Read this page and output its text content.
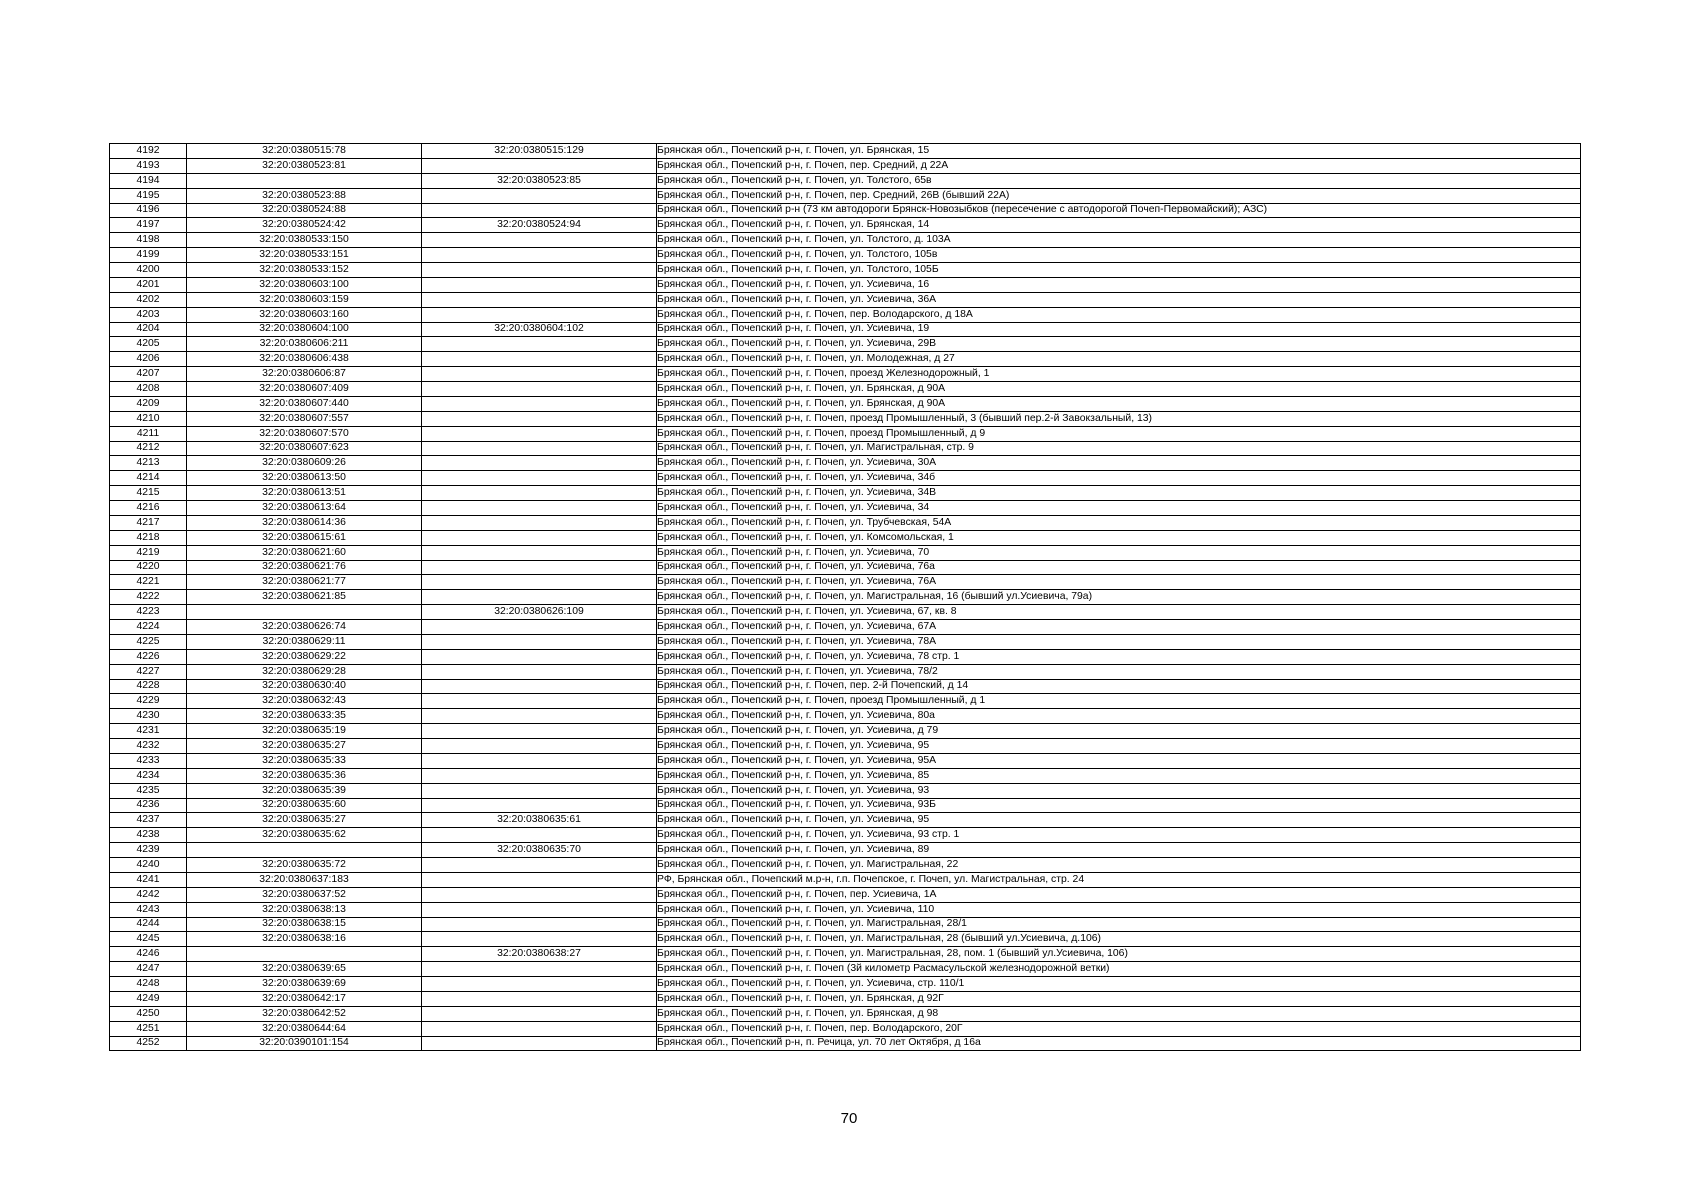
4192	32:20:0380515:78	32:20:0380515:129	Брянская обл., Почепский р-н, г. Почеп, ул. Брянская, 15
4193	32:20:0380523:81		Брянская обл., Почепский р-н, г. Почеп, пер. Средний, д 22А
4194		32:20:0380523:85	Брянская обл., Почепский р-н, г. Почеп, ул. Толстого, 65в
4195	32:20:0380523:88		Брянская обл., Почепский р-н, г. Почеп, пер. Средний, 26В (бывший 22А)
4196	32:20:0380524:88		Брянская обл., Почепский р-н (73 км автодороги Брянск-Новозыбков (пересечение с автодорогой Почеп-Первомайский); АЗС)
4197	32:20:0380524:42	32:20:0380524:94	Брянская обл., Почепский р-н, г. Почеп, ул. Брянская, 14
4198	32:20:0380533:150		Брянская обл., Почепский р-н, г. Почеп, ул. Толстого, д. 103А
4199	32:20:0380533:151		Брянская обл., Почепский р-н, г. Почеп, ул. Толстого, 105в
4200	32:20:0380533:152		Брянская обл., Почепский р-н, г. Почеп, ул. Толстого, 105Б
4201	32:20:0380603:100		Брянская обл., Почепский р-н, г. Почеп, ул. Усиевича, 16
4202	32:20:0380603:159		Брянская обл., Почепский р-н, г. Почеп, ул. Усиевича, 36А
4203	32:20:0380603:160		Брянская обл., Почепский р-н, г. Почеп, пер. Володарского, д 18А
4204	32:20:0380604:100	32:20:0380604:102	Брянская обл., Почепский р-н, г. Почеп, ул. Усиевича, 19
4205	32:20:0380606:211		Брянская обл., Почепский р-н, г. Почеп, ул. Усиевича, 29В
4206	32:20:0380606:438		Брянская обл., Почепский р-н, г. Почеп, ул. Молодежная, д 27
4207	32:20:0380606:87		Брянская обл., Почепский р-н, г. Почеп, проезд Железнодорожный, 1
4208	32:20:0380607:409		Брянская обл., Почепский р-н, г. Почеп, ул. Брянская, д 90А
4209	32:20:0380607:440		Брянская обл., Почепский р-н, г. Почеп, ул. Брянская, д 90А
4210	32:20:0380607:557		Брянская обл., Почепский р-н, г. Почеп, проезд Промышленный, 3 (бывший пер.2-й Завокзальный, 13)
4211	32:20:0380607:570		Брянская обл., Почепский р-н, г. Почеп, проезд Промышленный, д 9
4212	32:20:0380607:623		Брянская обл., Почепский р-н, г. Почеп, ул. Магистральная, стр. 9
4213	32:20:0380609:26		Брянская обл., Почепский р-н, г. Почеп, ул. Усиевича, 30А
4214	32:20:0380613:50		Брянская обл., Почепский р-н, г. Почеп, ул. Усиевича, 34б
4215	32:20:0380613:51		Брянская обл., Почепский р-н, г. Почеп, ул. Усиевича, 34В
4216	32:20:0380613:64		Брянская обл., Почепский р-н, г. Почеп, ул. Усиевича, 34
4217	32:20:0380614:36		Брянская обл., Почепский р-н, г. Почеп, ул. Трубчевская, 54А
4218	32:20:0380615:61		Брянская обл., Почепский р-н, г. Почеп, ул. Комсомольская, 1
4219	32:20:0380621:60		Брянская обл., Почепский р-н, г. Почеп, ул. Усиевича, 70
4220	32:20:0380621:76		Брянская обл., Почепский р-н, г. Почеп, ул. Усиевича, 76а
4221	32:20:0380621:77		Брянская обл., Почепский р-н, г. Почеп, ул. Усиевича, 76А
4222	32:20:0380621:85		Брянская обл., Почепский р-н, г. Почеп, ул. Магистральная, 16 (бывший ул.Усиевича, 79а)
4223		32:20:0380626:109	Брянская обл., Почепский р-н, г. Почеп, ул. Усиевича, 67, кв. 8
4224	32:20:0380626:74		Брянская обл., Почепский р-н, г. Почеп, ул. Усиевича, 67А
4225	32:20:0380629:11		Брянская обл., Почепский р-н, г. Почеп, ул. Усиевича, 78А
4226	32:20:0380629:22		Брянская обл., Почепский р-н, г. Почеп, ул. Усиевича, 78 стр. 1
4227	32:20:0380629:28		Брянская обл., Почепский р-н, г. Почеп, ул. Усиевича, 78/2
4228	32:20:0380630:40		Брянская обл., Почепский р-н, г. Почеп, пер. 2-й Почепский, д 14
4229	32:20:0380632:43		Брянская обл., Почепский р-н, г. Почеп, проезд Промышленный, д 1
4230	32:20:0380633:35		Брянская обл., Почепский р-н, г. Почеп, ул. Усиевича, 80а
4231	32:20:0380635:19		Брянская обл., Почепский р-н, г. Почеп, ул. Усиевича, д 79
4232	32:20:0380635:27		Брянская обл., Почепский р-н, г. Почеп, ул. Усиевича, 95
4233	32:20:0380635:33		Брянская обл., Почепский р-н, г. Почеп, ул. Усиевича, 95А
4234	32:20:0380635:36		Брянская обл., Почепский р-н, г. Почеп, ул. Усиевича, 85
4235	32:20:0380635:39		Брянская обл., Почепский р-н, г. Почеп, ул. Усиевича, 93
4236	32:20:0380635:60		Брянская обл., Почепский р-н, г. Почеп, ул. Усиевича, 93Б
4237	32:20:0380635:27	32:20:0380635:61	Брянская обл., Почепский р-н, г. Почеп, ул. Усиевича, 95
4238	32:20:0380635:62		Брянская обл., Почепский р-н, г. Почеп, ул. Усиевича, 93 стр. 1
4239		32:20:0380635:70	Брянская обл., Почепский р-н, г. Почеп, ул. Усиевича, 89
4240	32:20:0380635:72		Брянская обл., Почепский р-н, г. Почеп, ул. Магистральная, 22
4241	32:20:0380637:183		РФ, Брянская обл., Почепский м.р-н, г.п. Почепское, г. Почеп, ул. Магистральная, стр. 24
4242	32:20:0380637:52		Брянская обл., Почепский р-н, г. Почеп, пер. Усиевича, 1А
4243	32:20:0380638:13		Брянская обл., Почепский р-н, г. Почеп, ул. Усиевича, 110
4244	32:20:0380638:15		Брянская обл., Почепский р-н, г. Почеп, ул. Магистральная, 28/1
4245	32:20:0380638:16		Брянская обл., Почепский р-н, г. Почеп, ул. Магистральная, 28 (бывший ул.Усиевича, д.106)
4246		32:20:0380638:27	Брянская обл., Почепский р-н, г. Почеп, ул. Магистральная, 28, пом. 1 (бывший ул.Усиевича, 106)
4247	32:20:0380639:65		Брянская обл., Почепский р-н, г. Почеп (3й километр Расмасульской железнодорожной ветки)
4248	32:20:0380639:69		Брянская обл., Почепский р-н, г. Почеп, ул. Усиевича, стр. 110/1
4249	32:20:0380642:17		Брянская обл., Почепский р-н, г. Почеп, ул. Брянская, д 92Г
4250	32:20:0380642:52		Брянская обл., Почепский р-н, г. Почеп, ул. Брянская, д 98
4251	32:20:0380644:64		Брянская обл., Почепский р-н, г. Почеп, пер. Володарского, 20Г
4252	32:20:0390101:154		Брянская обл., Почепский р-н, п. Речица, ул. 70 лет Октября, д 16а
70
